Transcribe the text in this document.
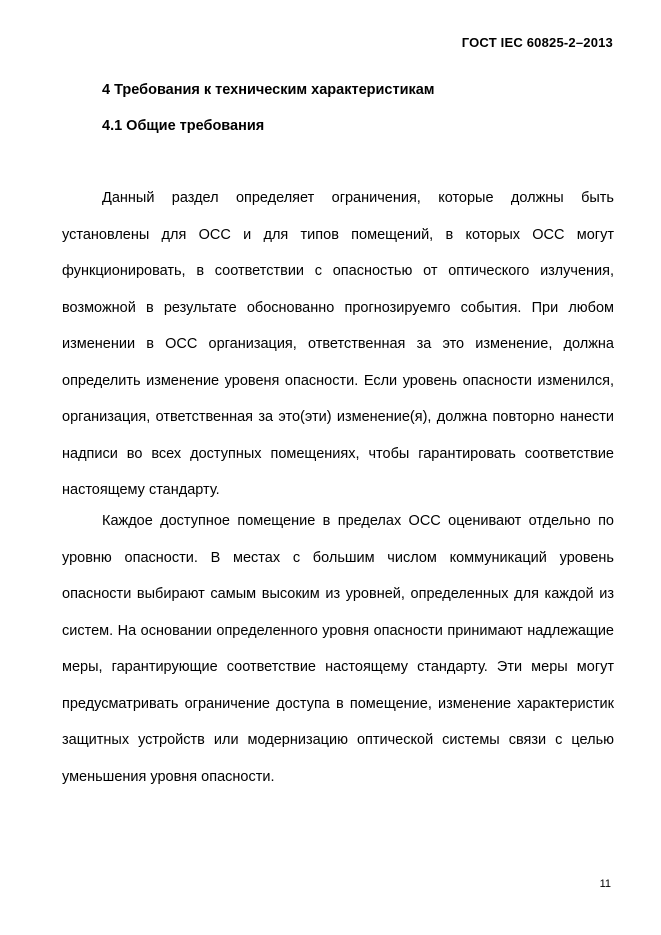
ГОСТ IEC 60825-2–2013
4 Требования к техническим характеристикам
4.1 Общие требования

Данный раздел определяет ограничения, которые должны быть установлены для ОСС и для типов помещений, в которых ОСС могут функционировать, в соответствии с опасностью от оптического излучения, возможной в результате обоснованно прогнозируемго события. При любом изменении в ОСС организация, ответственная за это изменение, должна определить изменение уровеня опасности. Если уровень опасности изменился, организация, ответственная за это(эти) изменение(я), должна повторно нанести надписи во всех доступных помещениях, чтобы гарантировать соответствие настоящему стандарту.

Каждое доступное помещение в пределах ОСС оценивают отдельно по уровню опасности. В местах с большим числом коммуникаций уровень опасности выбирают самым высоким из уровней, определенных для каждой из систем. На основании определенного уровня опасности принимают надлежащие меры, гарантирующие соответствие настоящему стандарту. Эти меры могут предусматривать ограничение доступа в помещение, изменение характеристик защитных устройств или модернизацию оптической системы связи с целью уменьшения уровня опасности.

11
